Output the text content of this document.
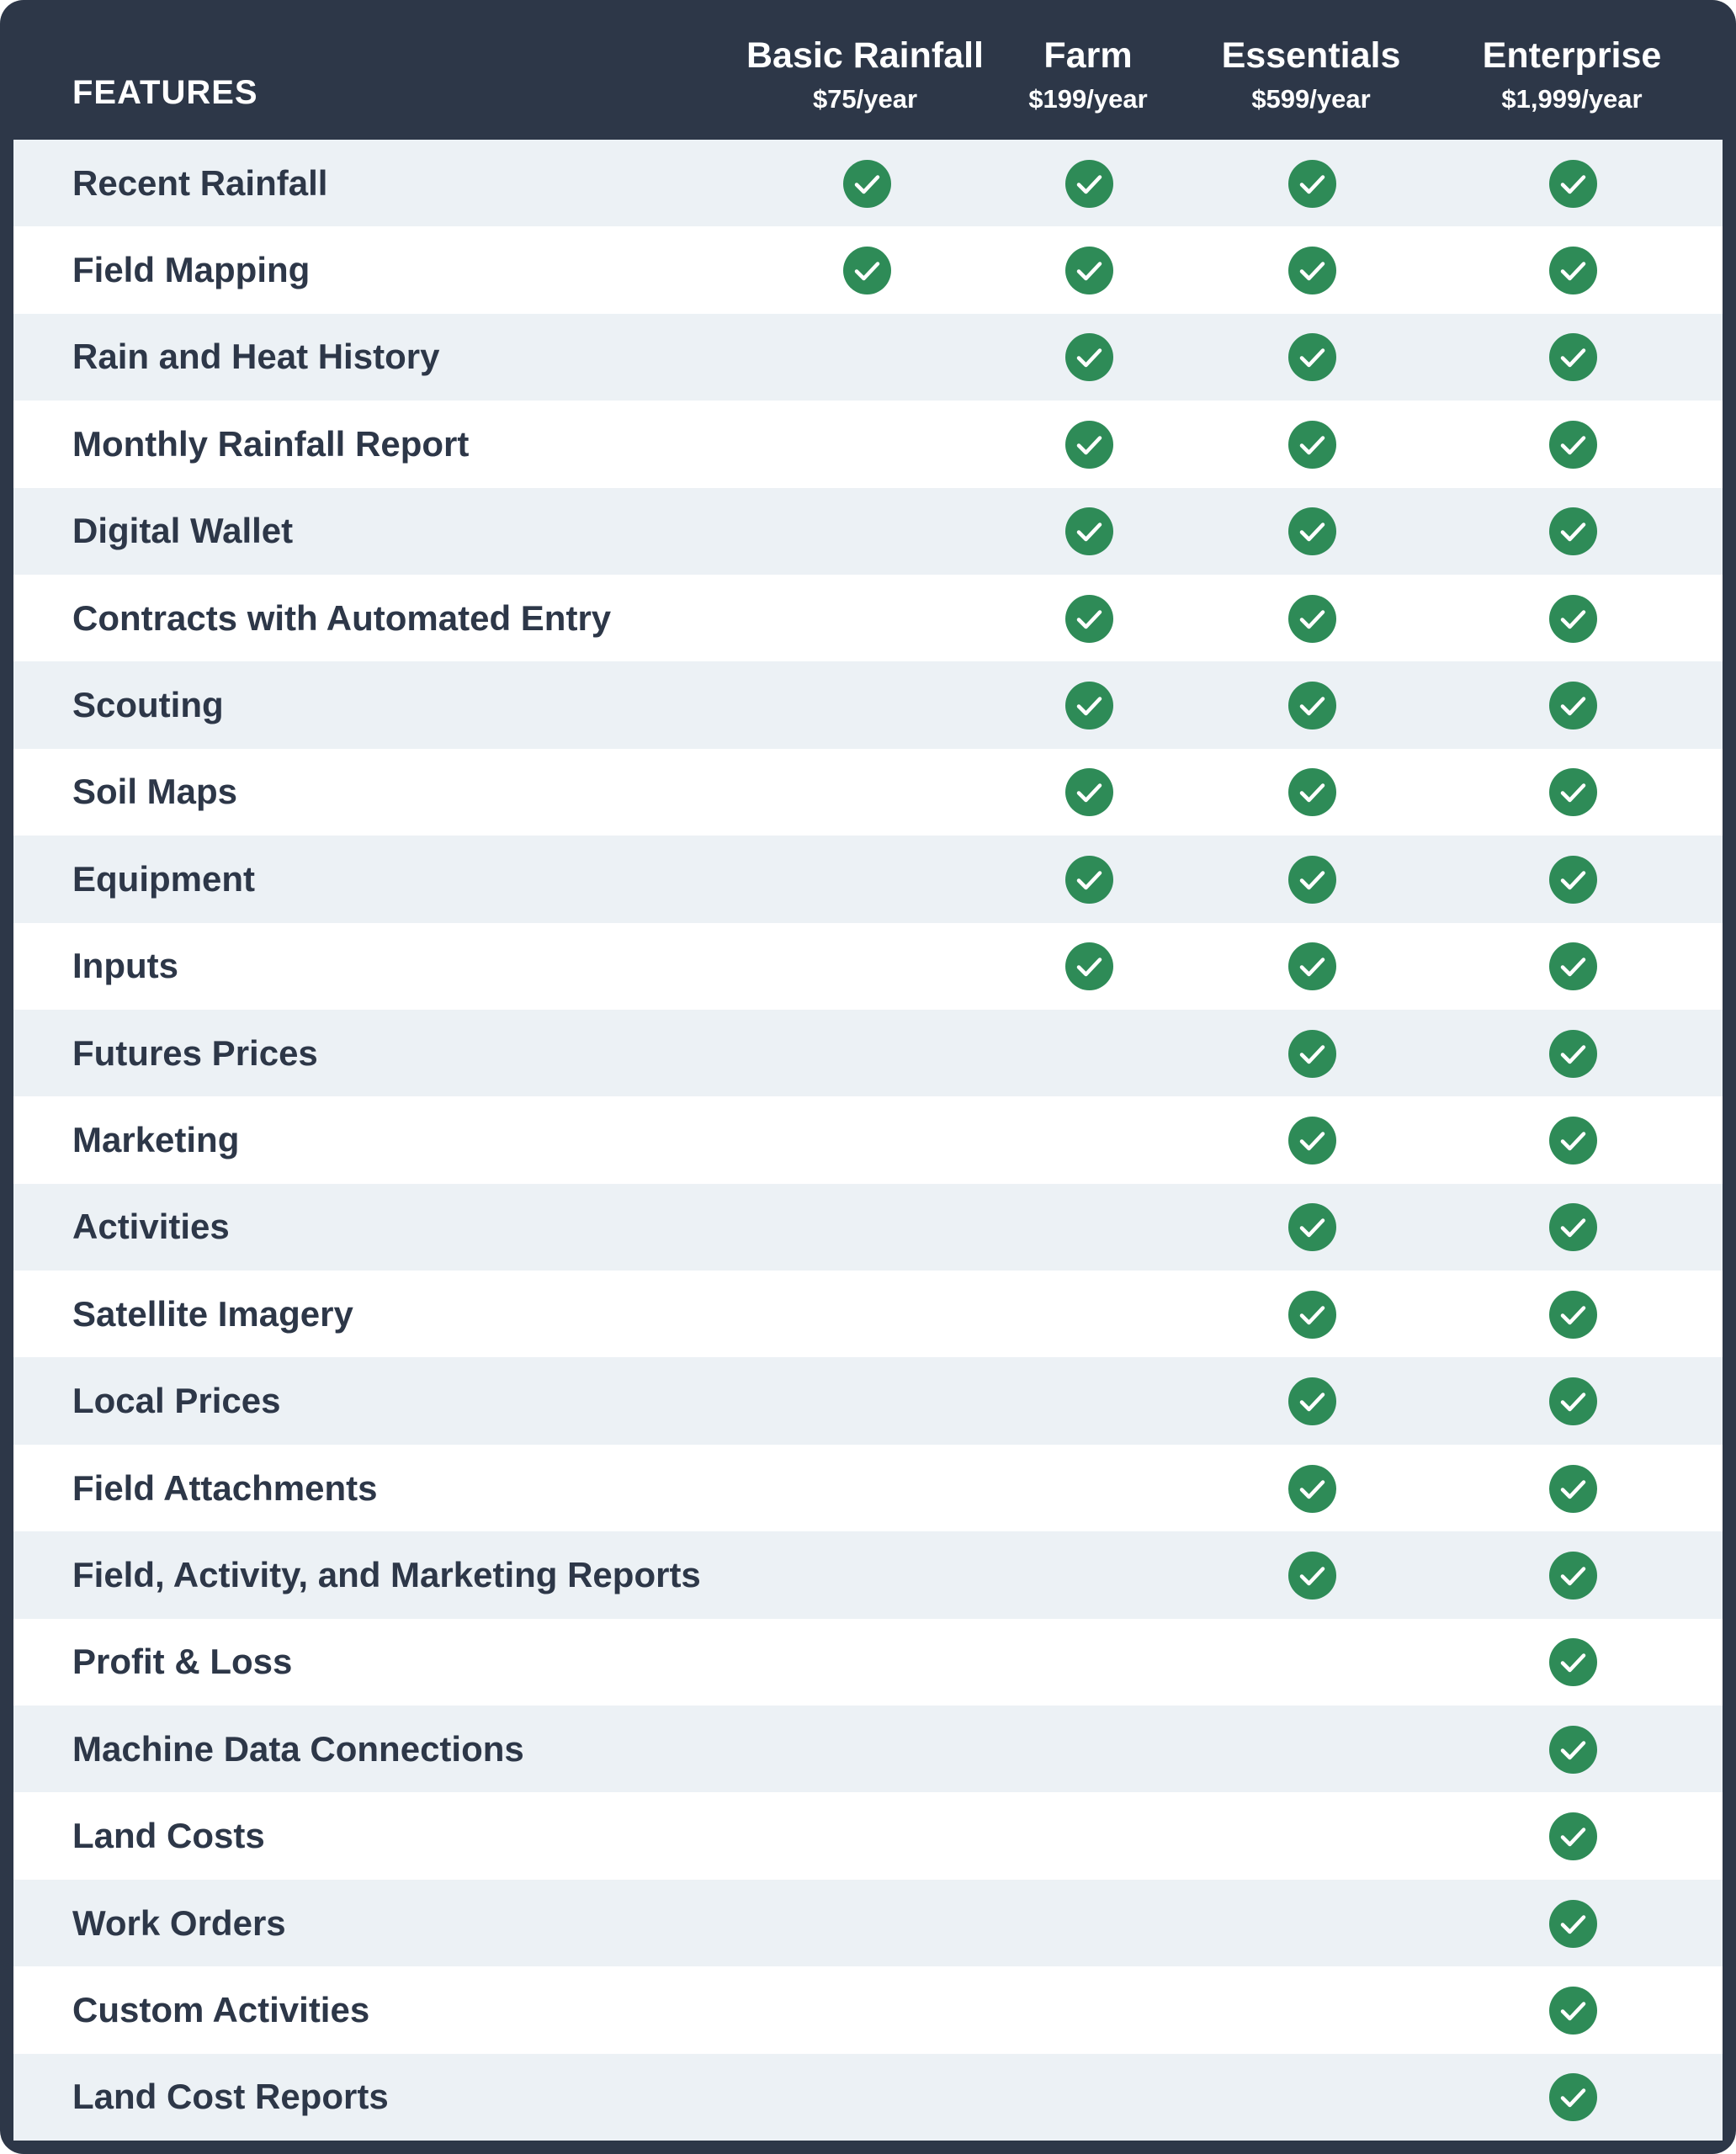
FEATURES
Basic Rainfall
$75/year
Farm
$199/year
Essentials
$599/year
Enterprise
$1,999/year
Recent Rainfall
Field Mapping
Rain and Heat History
Monthly Rainfall Report
Digital Wallet
Contracts with Automated Entry
Scouting
Soil Maps
Equipment
Inputs
Futures Prices
Marketing
Activities
Satellite Imagery
Local Prices
Field Attachments
Field, Activity, and Marketing Reports
Profit & Loss
Machine Data Connections
Land Costs
Work Orders
Custom Activities
Land Cost Reports
